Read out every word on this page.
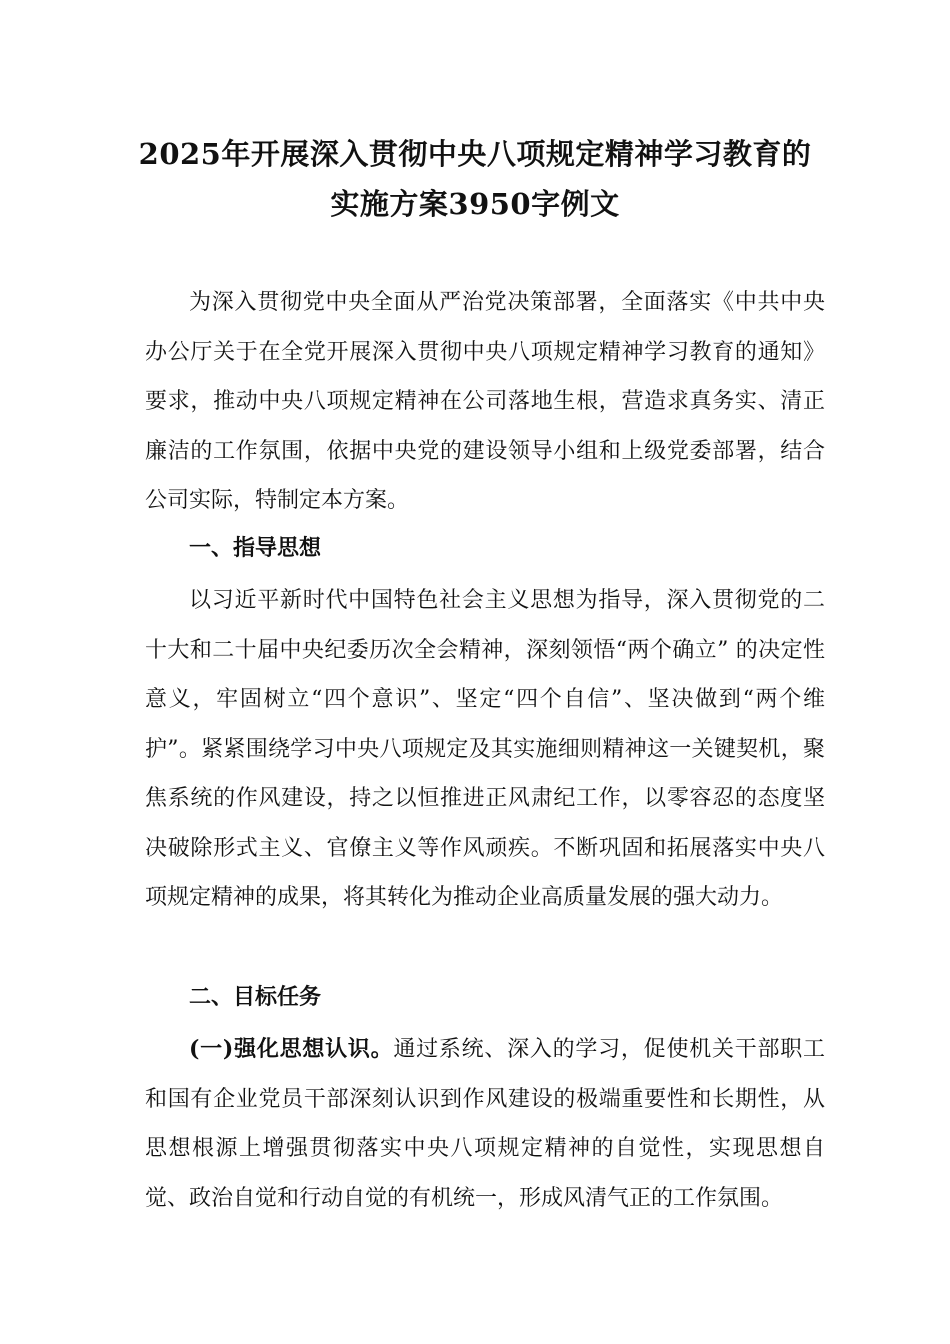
2025年开展深入贯彻中央八项规定精神学习教育的
实施方案3950字例文

为深入贯彻党中央全面从严治党决策部署，全面落实《中共中央办公厅关于在全党开展深入贯彻中央八项规定精神学习教育的通知》要求，推动中央八项规定精神在公司落地生根，营造求真务实、清正廉洁的工作氛围，依据中央党的建设领导小组和上级党委部署，结合公司实际，特制定本方案。

一、指导思想

以习近平新时代中国特色社会主义思想为指导，深入贯彻党的二十大和二十届中央纪委历次全会精神，深刻领悟“两个确立” 的决定性意义，牢固树立“四个意识”、坚定“四个自信”、坚决做到“两个维护”。紧紧围绕学习中央八项规定及其实施细则精神这一关键契机，聚焦系统的作风建设，持之以恒推进正风肃纪工作，以零容忍的态度坚决破除形式主义、官僚主义等作风顽疾。不断巩固和拓展落实中央八项规定精神的成果，将其转化为推动企业高质量发展的强大动力。

二、目标任务

(一)强化思想认识。通过系统、深入的学习，促使机关干部职工和国有企业党员干部深刻认识到作风建设的极端重要性和长期性，从思想根源上增强贯彻落实中央八项规定精神的自觉性，实现思想自觉、政治自觉和行动自觉的有机统一，形成风清气正的工作氛围。
